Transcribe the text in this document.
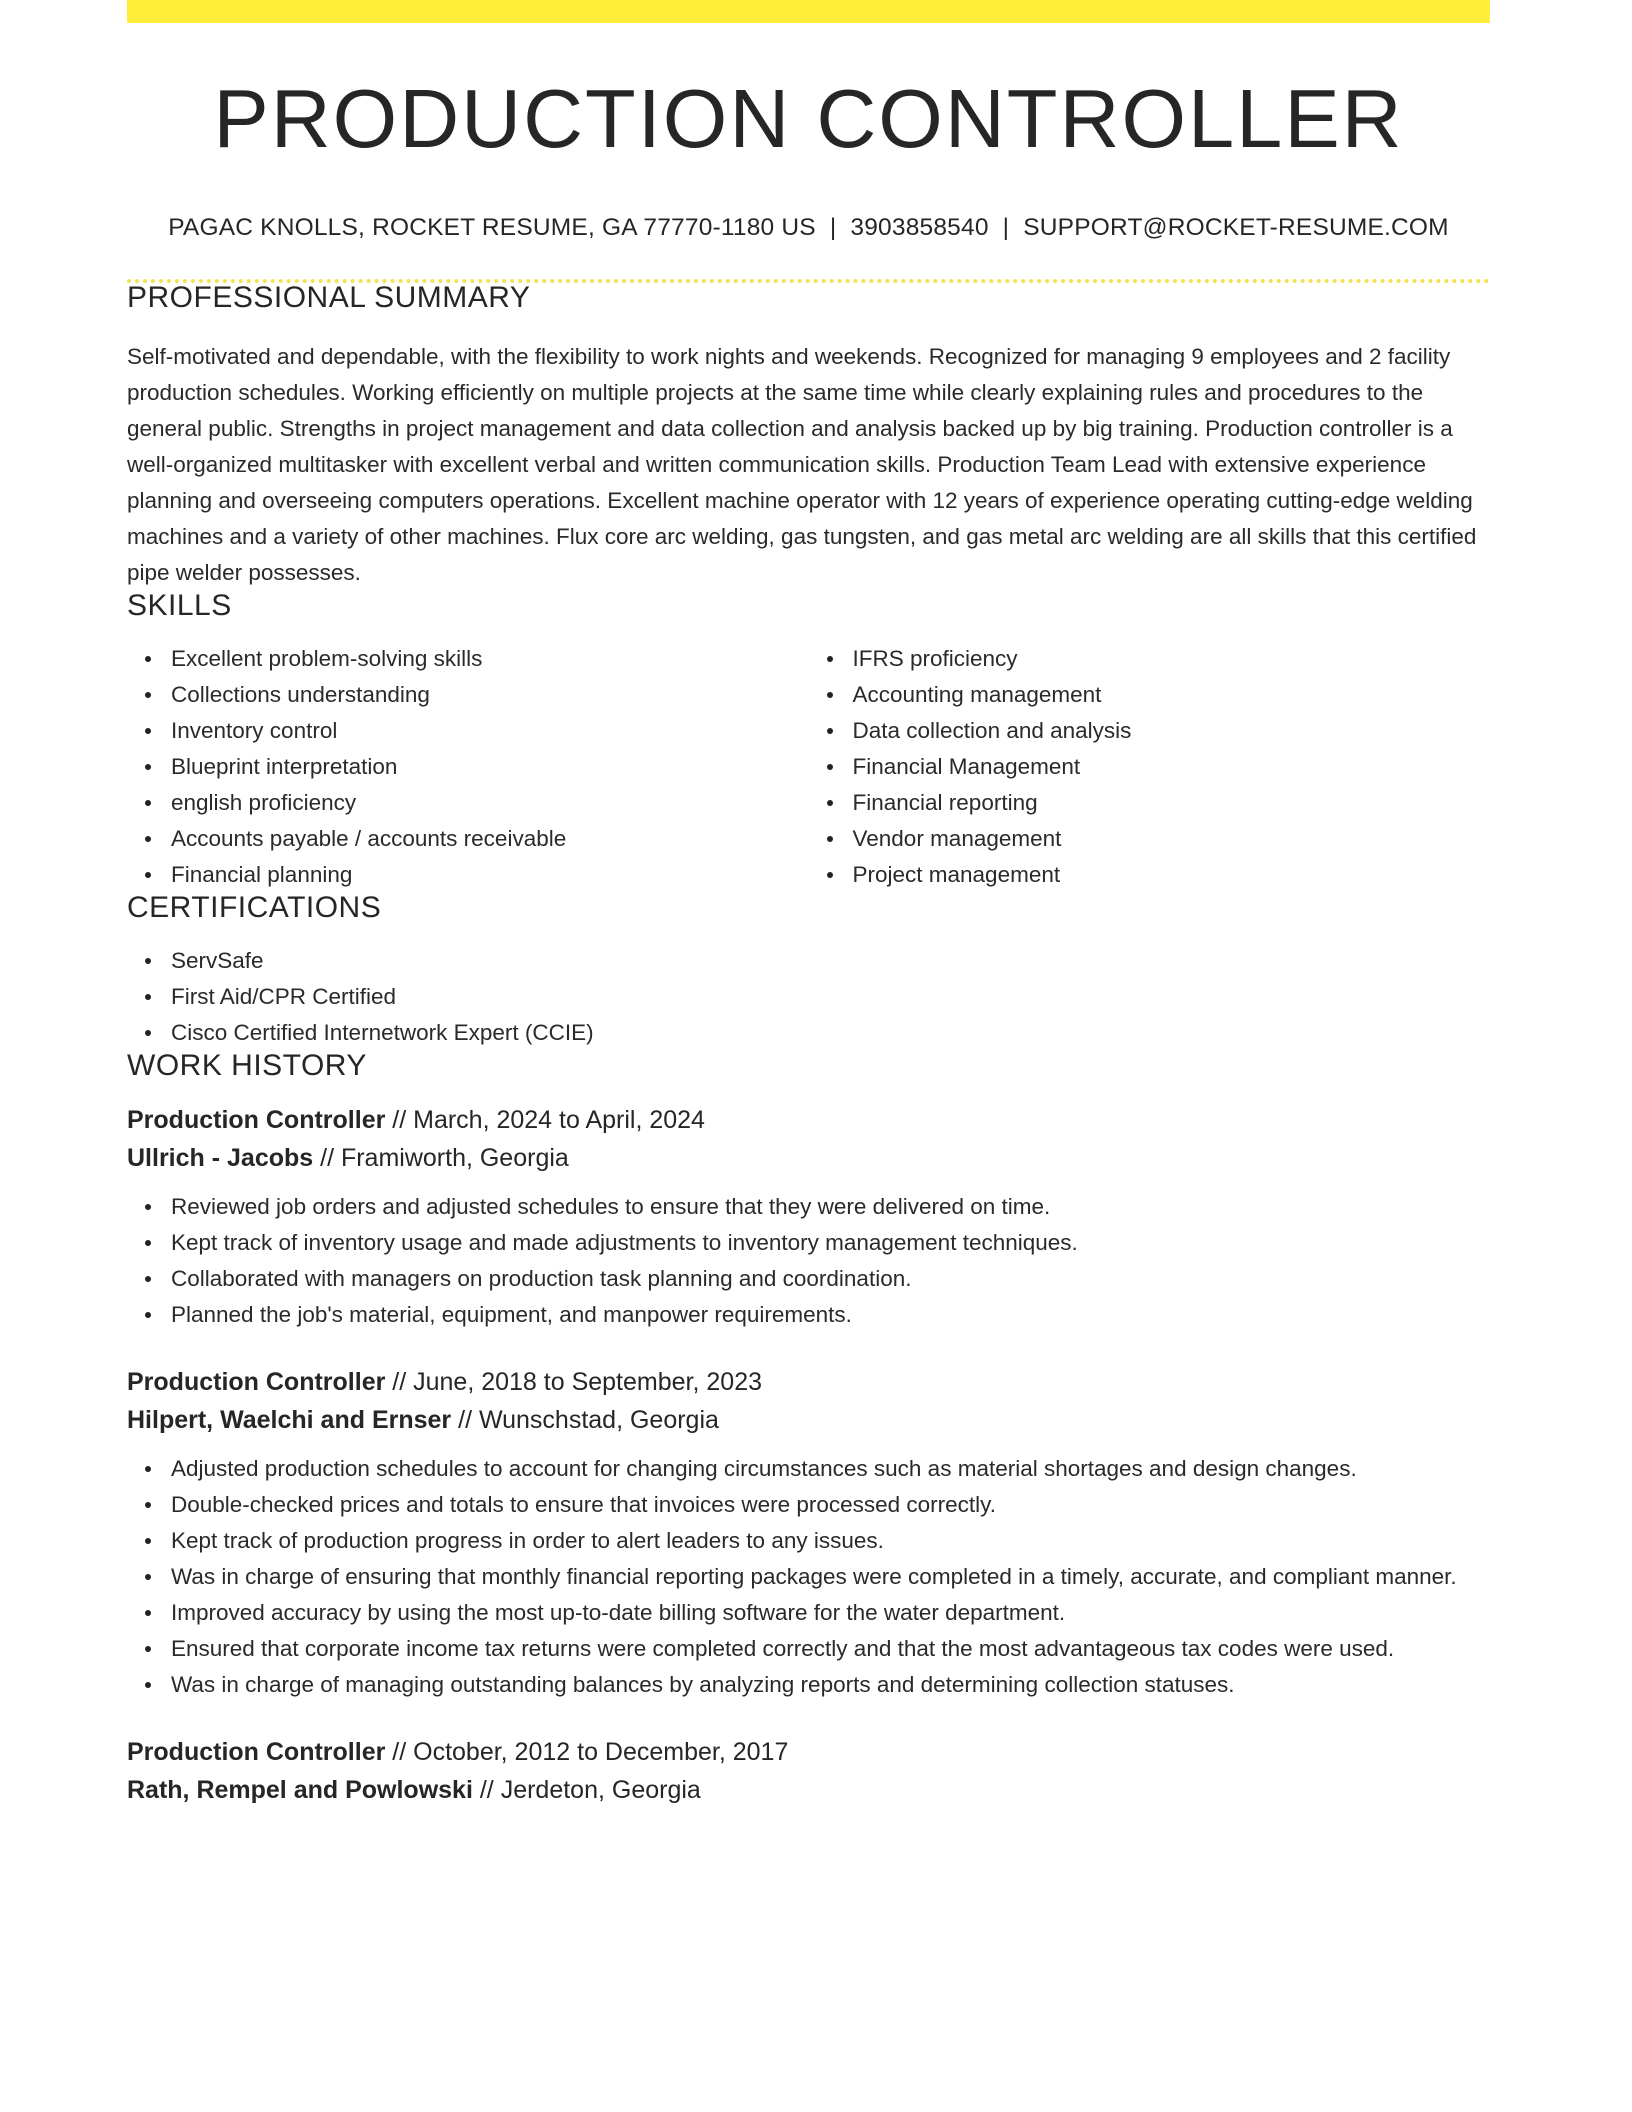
PRODUCTION CONTROLLER
PAGAC KNOLLS, ROCKET RESUME, GA 77770-1180 US | 3903858540 | SUPPORT@ROCKET-RESUME.COM
PROFESSIONAL SUMMARY

Self-motivated and dependable, with the flexibility to work nights and weekends. Recognized for managing 9 employees and 2 facility production schedules. Working efficiently on multiple projects at the same time while clearly explaining rules and procedures to the general public. Strengths in project management and data collection and analysis backed up by big training. Production controller is a well-organized multitasker with excellent verbal and written communication skills. Production Team Lead with extensive experience planning and overseeing computers operations. Excellent machine operator with 12 years of experience operating cutting-edge welding machines and a variety of other machines. Flux core arc welding, gas tungsten, and gas metal arc welding are all skills that this certified pipe welder possesses.

SKILLS
Excellent problem-solving skills
Collections understanding
Inventory control
Blueprint interpretation
english proficiency
Accounts payable / accounts receivable
Financial planning
IFRS proficiency
Accounting management
Data collection and analysis
Financial Management
Financial reporting
Vendor management
Project management
CERTIFICATIONS
ServSafe
First Aid/CPR Certified
Cisco Certified Internetwork Expert (CCIE)
WORK HISTORY
Production Controller // March, 2024 to April, 2024
Ullrich - Jacobs // Framiworth, Georgia
Reviewed job orders and adjusted schedules to ensure that they were delivered on time.
Kept track of inventory usage and made adjustments to inventory management techniques.
Collaborated with managers on production task planning and coordination.
Planned the job's material, equipment, and manpower requirements.
Production Controller // June, 2018 to September, 2023
Hilpert, Waelchi and Ernser // Wunschstad, Georgia
Adjusted production schedules to account for changing circumstances such as material shortages and design changes.
Double-checked prices and totals to ensure that invoices were processed correctly.
Kept track of production progress in order to alert leaders to any issues.
Was in charge of ensuring that monthly financial reporting packages were completed in a timely, accurate, and compliant manner.
Improved accuracy by using the most up-to-date billing software for the water department.
Ensured that corporate income tax returns were completed correctly and that the most advantageous tax codes were used.
Was in charge of managing outstanding balances by analyzing reports and determining collection statuses.
Production Controller // October, 2012 to December, 2017
Rath, Rempel and Powlowski // Jerdeton, Georgia
